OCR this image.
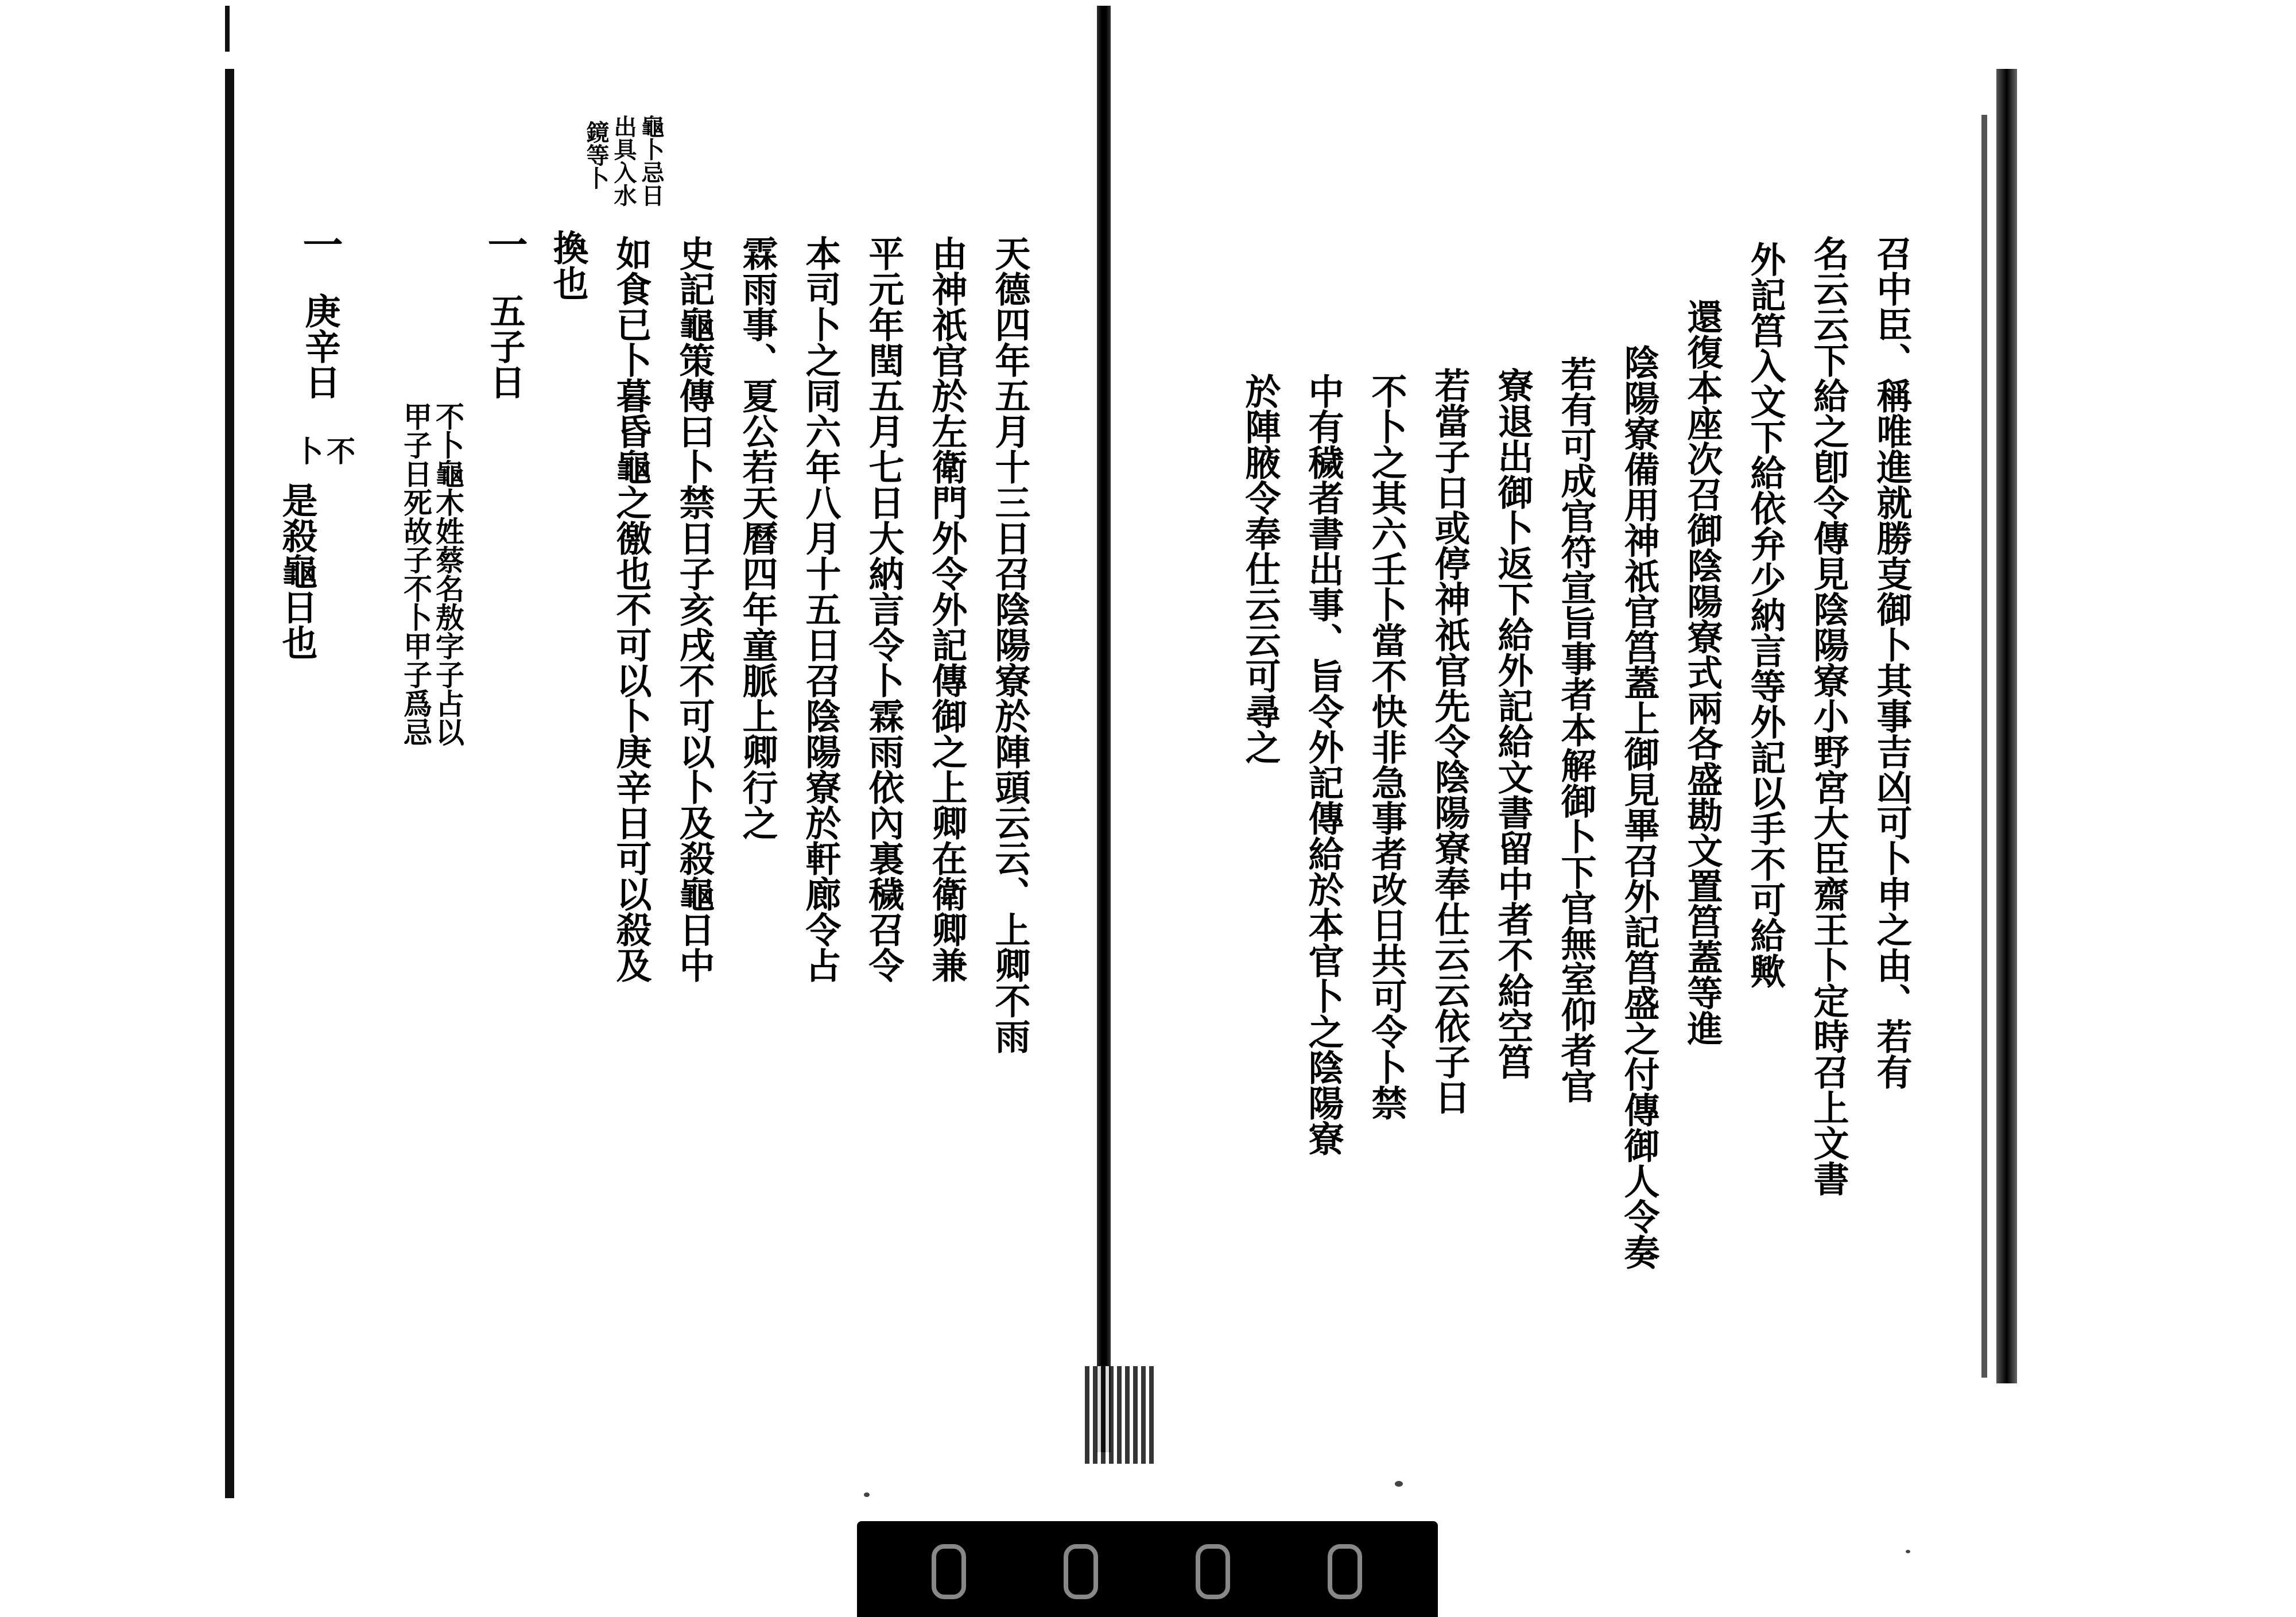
召中臣、稱唯進就勝㕝御卜其事吉凶可卜申之由、若有
名云云下給之卽令傳見陰陽寮小野宮大臣齋王卜定時召上文書
外記筥入文下給依弁少納言等外記以手不可給歟
還復本座次召御陰陽寮式兩各盛勘文置筥蓋等進
陰陽寮備用神祇官筥蓋上御見畢召外記筥盛之付傳御人令奏
若有可成官符宣旨事者本解御卜下官無室仰者官
寮退出御卜返下給外記給文書留中者不給空筥
若當子日或停神祇官先令陰陽寮奉仕云云依子日
不卜之其六壬卜當不快非急事者改日共可令卜禁
中有穢者書出事、旨令外記傳給於本官卜之陰陽寮
於陣腋令奉仕云云可尋之
龜卜忌日
出具入水
鏡等卜
天德四年五月十三日召陰陽寮於陣頭云云、上卿不雨
由神祇官於左衛門外令外記傳御之上卿在衛卿兼
平元年閏五月七日大納言令卜霖雨依內裏穢召令
本司卜之同六年八月十五日召陰陽寮於軒廊令占
霖雨事、夏公若天曆四年童脈上卿行之
史記龜策傳曰卜禁日子亥戌不可以卜及殺龜日中
如食已卜暮昏龜之徼也不可以卜庚辛日可以殺及
換也
一
五子日
不卜龜木姓蔡名敖字子占以
甲子日死故子不卜甲子爲忌
一
庚辛日
不
卜
是殺龜日也
